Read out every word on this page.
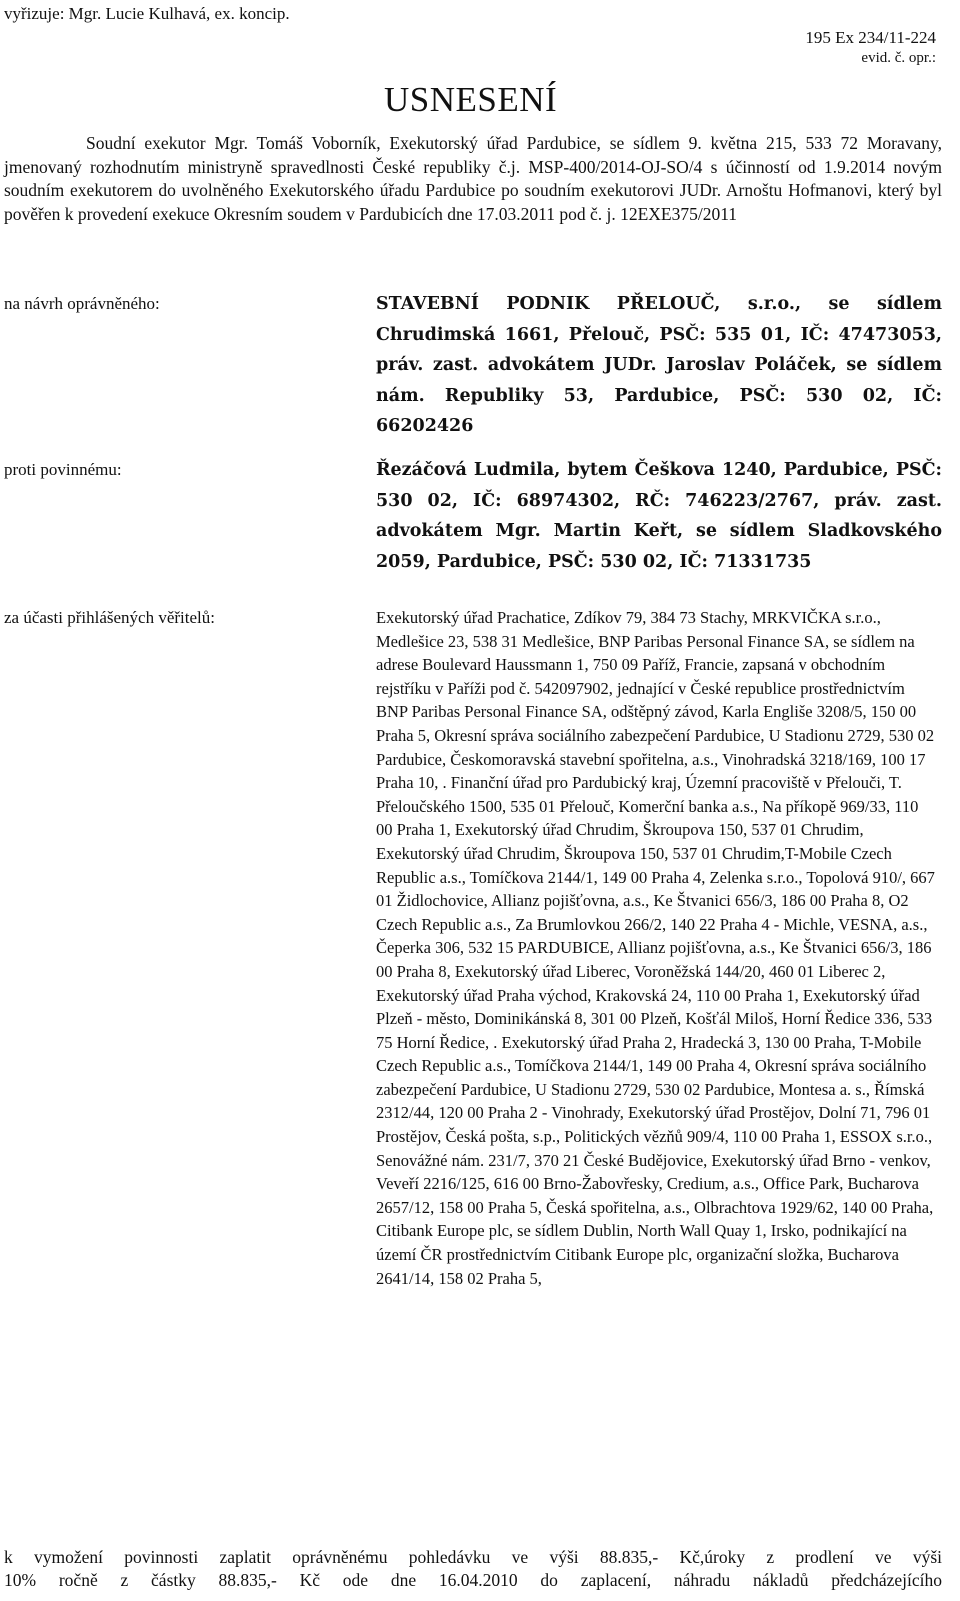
vyřizuje: Mgr. Lucie Kulhavá, ex. koncip.
195 Ex 234/11-224
evid. č. opr.:
USNESENÍ

Soudní exekutor Mgr. Tomáš Voborník, Exekutorský úřad Pardubice, se sídlem 9. května 215, 533 72 Moravany, jmenovaný rozhodnutím ministryně spravedlnosti České republiky č.j. MSP-400/2014-OJ-SO/4 s účinností od 1.9.2014 novým soudním exekutorem do uvolněného Exekutorského úřadu Pardubice po soudním exekutorovi JUDr. Arnoštu Hofmanovi, který byl pověřen k provedení exekuce Okresním soudem v Pardubicích dne 17.03.2011 pod č. j. 12EXE375/2011

na návrh oprávněného:	STAVEBNÍ PODNIK PŘELOUČ, s.r.o., se sídlem Chrudimská 1661, Přelouč, PSČ: 535 01, IČ: 47473053, práv. zast. advokátem JUDr. Jaroslav Poláček, se sídlem nám. Republiky 53, Pardubice, PSČ: 530 02, IČ: 66202426
proti povinnému:	Řezáčová Ludmila, bytem Češkova 1240, Pardubice, PSČ: 530 02, IČ: 68974302, RČ: 746223/2767, práv. zast. advokátem Mgr. Martin Keřt, se sídlem Sladkovského 2059, Pardubice, PSČ: 530 02, IČ: 71331735
za účasti přihlášených věřitelů:	Exekutorský úřad Prachatice, Zdíkov 79, 384 73 Stachy, MRKVIČKA s.r.o., Medlešice 23, 538 31 Medlešice, BNP Paribas Personal Finance SA, se sídlem na adrese Boulevard Haussmann 1, 750 09 Paříž, Francie, zapsaná v obchodním rejstříku v Paříži pod č. 542097902, jednající v České republice prostřednictvím BNP Paribas Personal Finance SA, odštěpný závod, Karla Engliše 3208/5, 150 00 Praha 5, Okresní správa sociálního zabezpečení Pardubice, U Stadionu 2729, 530 02 Pardubice, Českomoravská stavební spořitelna, a.s., Vinohradská 3218/169, 100 17 Praha 10, . Finanční úřad pro Pardubický kraj, Územní pracoviště v Přelouči, T. Přeloučského 1500, 535 01 Přelouč, Komerční banka a.s., Na příkopě 969/33, 110 00 Praha 1, Exekutorský úřad Chrudim, Škroupova 150, 537 01 Chrudim, Exekutorský úřad Chrudim, Škroupova 150, 537 01 Chrudim,T-Mobile Czech Republic a.s., Tomíčkova 2144/1, 149 00 Praha 4, Zelenka s.r.o., Topolová 910/, 667 01 Židlochovice, Allianz pojišťovna, a.s., Ke Štvanici 656/3, 186 00 Praha 8, O2 Czech Republic a.s., Za Brumlovkou 266/2, 140 22 Praha 4 - Michle, VESNA, a.s., Čeperka 306, 532 15 PARDUBICE, Allianz pojišťovna, a.s., Ke Štvanici 656/3, 186 00 Praha 8, Exekutorský úřad Liberec, Voroněžská 144/20, 460 01 Liberec 2, Exekutorský úřad Praha východ, Krakovská 24, 110 00 Praha 1, Exekutorský úřad Plzeň - město, Dominikánská 8, 301 00 Plzeň, Košťál Miloš, Horní Ředice 336, 533 75 Horní Ředice, . Exekutorský úřad Praha 2, Hradecká 3, 130 00 Praha, T-Mobile Czech Republic a.s., Tomíčkova 2144/1, 149 00 Praha 4, Okresní správa sociálního zabezpečení Pardubice, U Stadionu 2729, 530 02 Pardubice, Montesa a. s., Římská 2312/44, 120 00 Praha 2 - Vinohrady, Exekutorský úřad Prostějov, Dolní 71, 796 01 Prostějov, Česká pošta, s.p., Politických vězňů 909/4, 110 00 Praha 1, ESSOX s.r.o., Senovážné nám. 231/7, 370 21 České Budějovice, Exekutorský úřad Brno - venkov, Veveří 2216/125, 616 00 Brno-Žabovřesky, Credium, a.s., Office Park, Bucharova 2657/12, 158 00 Praha 5, Česká spořitelna, a.s., Olbrachtova 1929/62, 140 00 Praha, Citibank Europe plc, se sídlem Dublin, North Wall Quay 1, Irsko, podnikající na území ČR prostřednictvím Citibank Europe plc, organizační složka, Bucharova 2641/14, 158 02 Praha 5,
k vymožení povinnosti zaplatit oprávněnému pohledávku ve výši 88.835,- Kč,úroky z prodlení ve výši
10% ročně z částky 88.835,- Kč ode dne 16.04.2010 do zaplacení, náhradu nákladů předcházejícího
